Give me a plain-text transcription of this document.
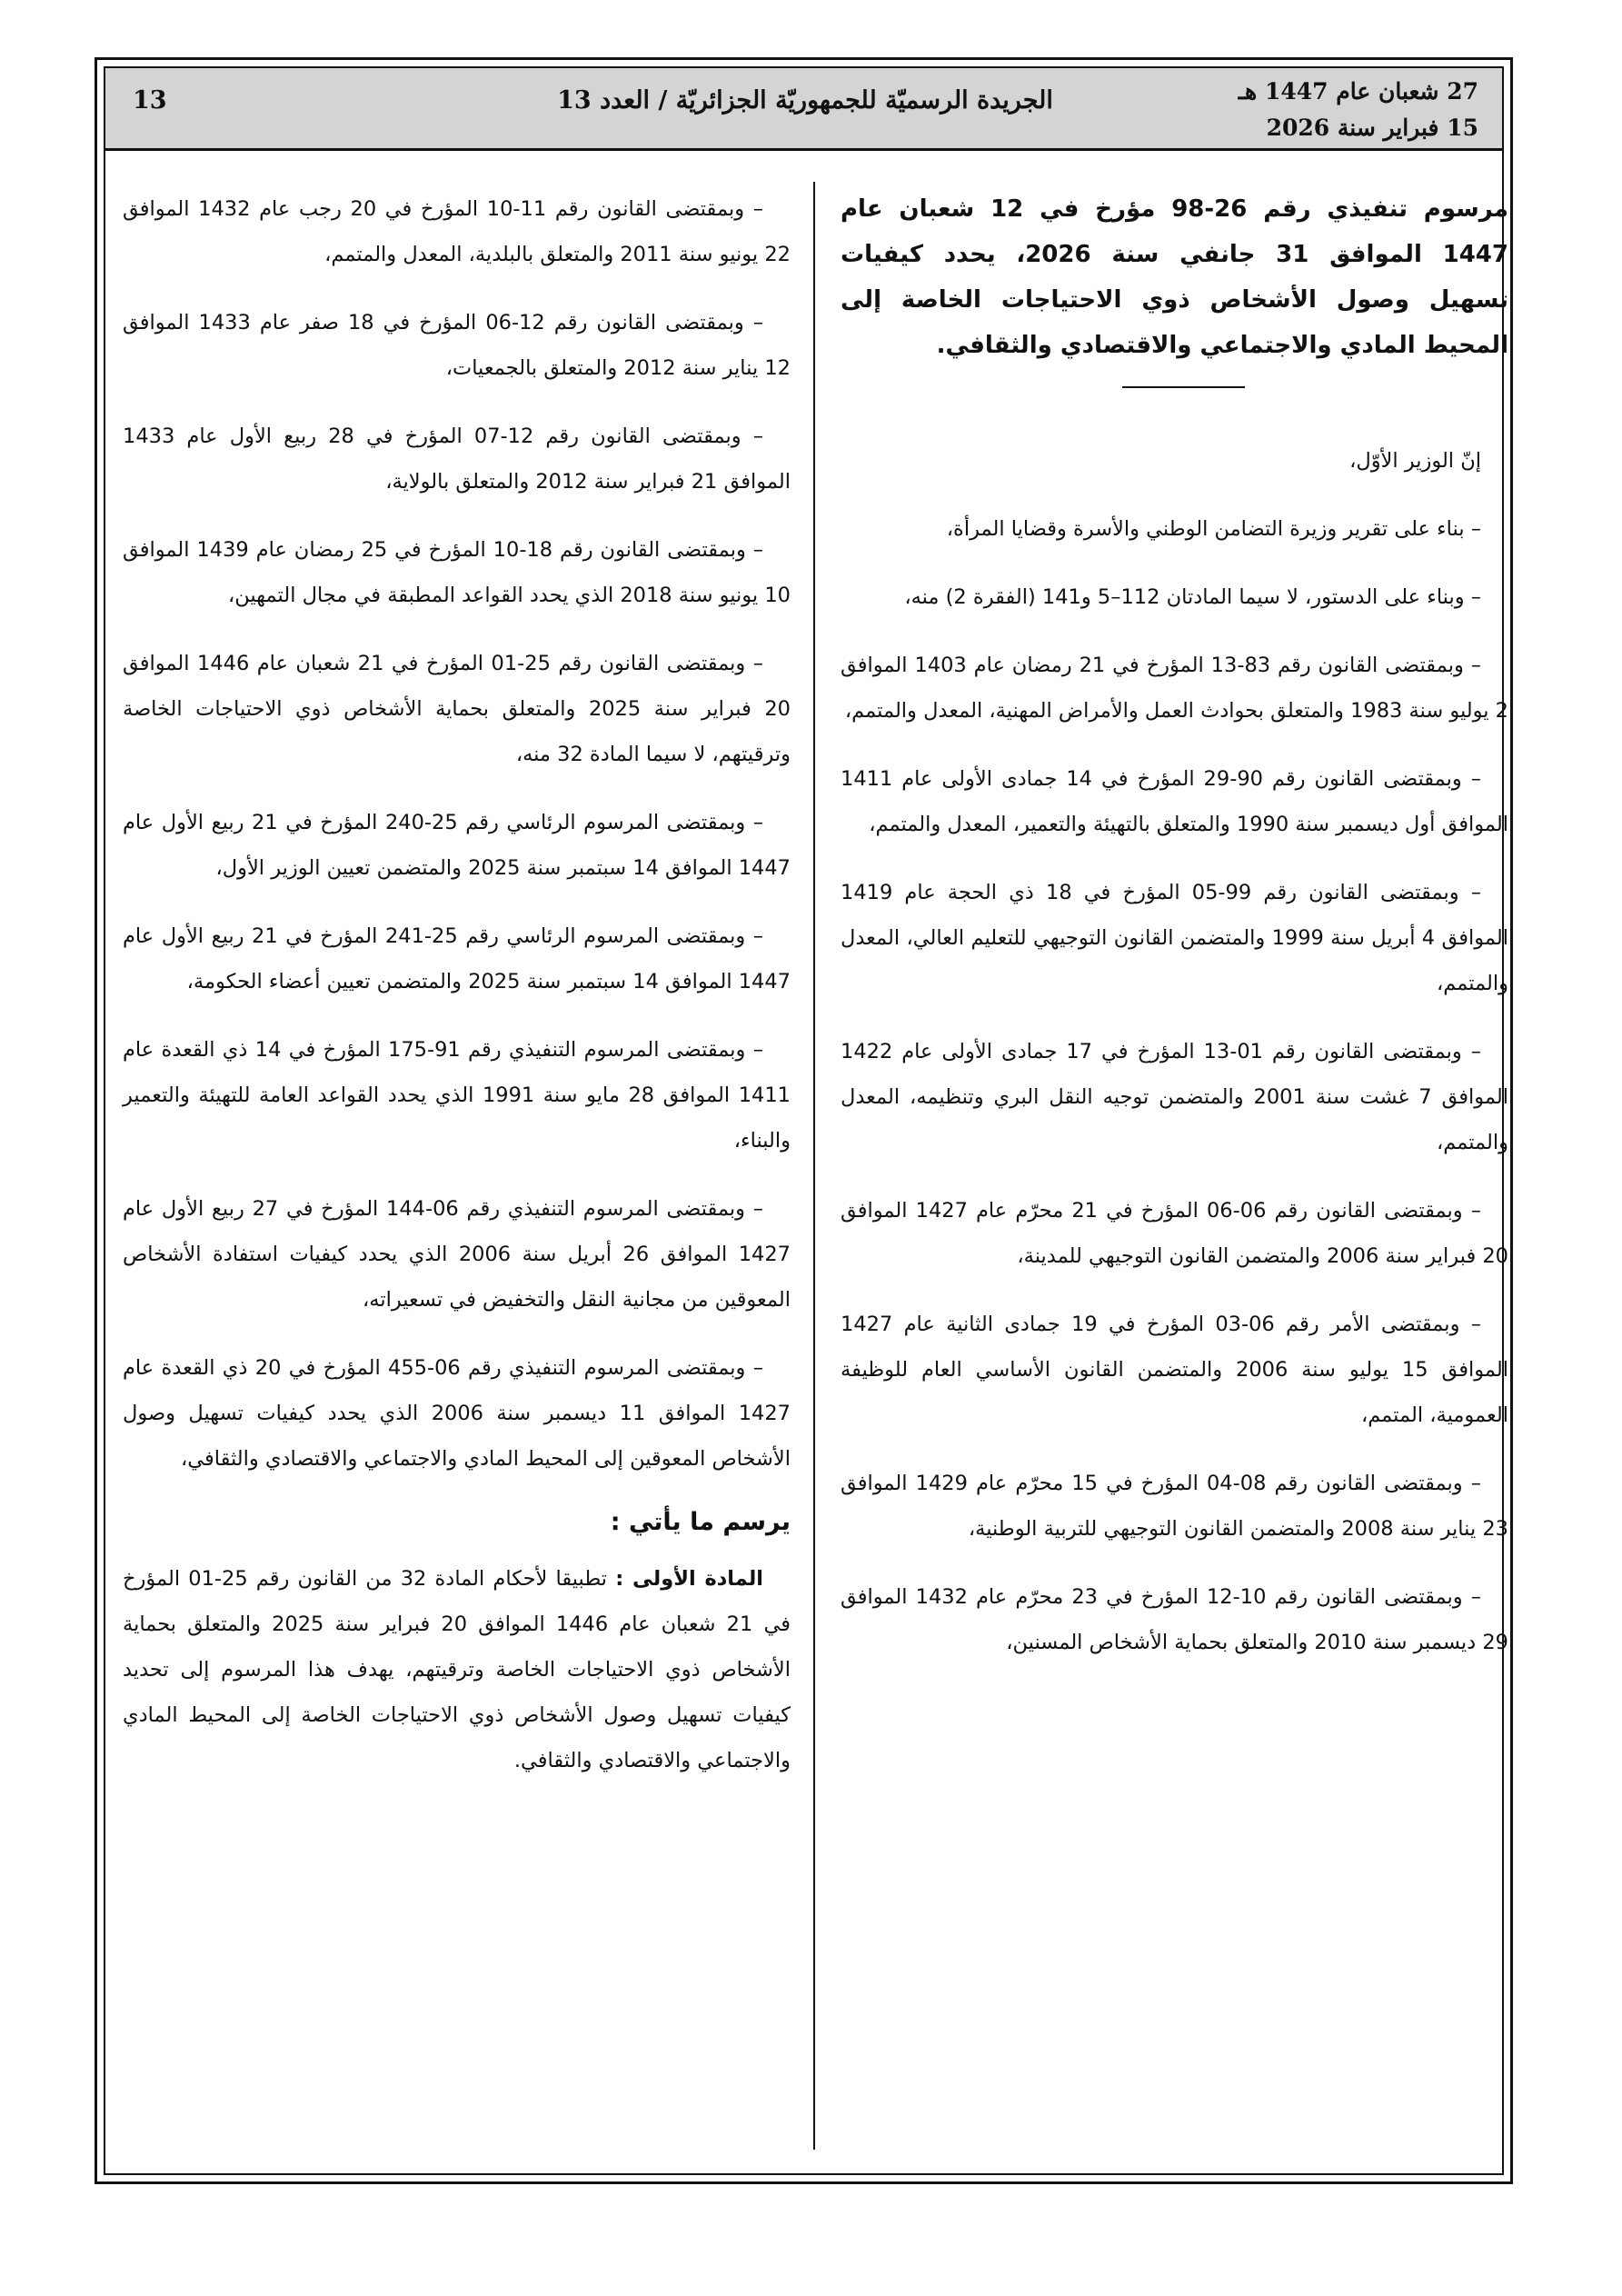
27 شعبان عام 1447 هـ
15 فبراير سنة 2026
الجريدة الرسميّة للجمهوريّة الجزائريّة / العدد 13
13

مرسوم تنفيذي رقم 26-98 مؤرخ في 12 شعبان عام 1447 الموافق 31 جانفي سنة 2026، يحدد كيفيات تسهيل وصول الأشخاص ذوي الاحتياجات الخاصة إلى المحيط المادي والاجتماعي والاقتصادي والثقافي.

إنّ الوزير الأوّل،

– بناء على تقرير وزيرة التضامن الوطني والأسرة وقضايا المرأة،

– وبناء على الدستور، لا سيما المادتان 112–5 و141 (الفقرة 2) منه،

– وبمقتضى القانون رقم 83-13 المؤرخ في 21 رمضان عام 1403 الموافق 2 يوليو سنة 1983 والمتعلق بحوادث العمل والأمراض المهنية، المعدل والمتمم،

– وبمقتضى القانون رقم 90-29 المؤرخ في 14 جمادى الأولى عام 1411 الموافق أول ديسمبر سنة 1990 والمتعلق بالتهيئة والتعمير، المعدل والمتمم،

– وبمقتضى القانون رقم 99-05 المؤرخ في 18 ذي الحجة عام 1419 الموافق 4 أبريل سنة 1999 والمتضمن القانون التوجيهي للتعليم العالي، المعدل والمتمم،

– وبمقتضى القانون رقم 01-13 المؤرخ في 17 جمادى الأولى عام 1422 الموافق 7 غشت سنة 2001 والمتضمن توجيه النقل البري وتنظيمه، المعدل والمتمم،

– وبمقتضى القانون رقم 06-06 المؤرخ في 21 محرّم عام 1427 الموافق 20 فبراير سنة 2006 والمتضمن القانون التوجيهي للمدينة،

– وبمقتضى الأمر رقم 06-03 المؤرخ في 19 جمادى الثانية عام 1427 الموافق 15 يوليو سنة 2006 والمتضمن القانون الأساسي العام للوظيفة العمومية، المتمم،

– وبمقتضى القانون رقم 08-04 المؤرخ في 15 محرّم عام 1429 الموافق 23 يناير سنة 2008 والمتضمن القانون التوجيهي للتربية الوطنية،

– وبمقتضى القانون رقم 10-12 المؤرخ في 23 محرّم عام 1432 الموافق 29 ديسمبر سنة 2010 والمتعلق بحماية الأشخاص المسنين،

– وبمقتضى القانون رقم 11-10 المؤرخ في 20 رجب عام 1432 الموافق 22 يونيو سنة 2011 والمتعلق بالبلدية، المعدل والمتمم،

– وبمقتضى القانون رقم 12-06 المؤرخ في 18 صفر عام 1433 الموافق 12 يناير سنة 2012 والمتعلق بالجمعيات،

– وبمقتضى القانون رقم 12-07 المؤرخ في 28 ربيع الأول عام 1433 الموافق 21 فبراير سنة 2012 والمتعلق بالولاية،

– وبمقتضى القانون رقم 18-10 المؤرخ في 25 رمضان عام 1439 الموافق 10 يونيو سنة 2018 الذي يحدد القواعد المطبقة في مجال التمهين،

– وبمقتضى القانون رقم 25-01 المؤرخ في 21 شعبان عام 1446 الموافق 20 فبراير سنة 2025 والمتعلق بحماية الأشخاص ذوي الاحتياجات الخاصة وترقيتهم، لا سيما المادة 32 منه،

– وبمقتضى المرسوم الرئاسي رقم 25-240 المؤرخ في 21 ربيع الأول عام 1447 الموافق 14 سبتمبر سنة 2025 والمتضمن تعيين الوزير الأول،

– وبمقتضى المرسوم الرئاسي رقم 25-241 المؤرخ في 21 ربيع الأول عام 1447 الموافق 14 سبتمبر سنة 2025 والمتضمن تعيين أعضاء الحكومة،

– وبمقتضى المرسوم التنفيذي رقم 91-175 المؤرخ في 14 ذي القعدة عام 1411 الموافق 28 مايو سنة 1991 الذي يحدد القواعد العامة للتهيئة والتعمير والبناء،

– وبمقتضى المرسوم التنفيذي رقم 06-144 المؤرخ في 27 ربيع الأول عام 1427 الموافق 26 أبريل سنة 2006 الذي يحدد كيفيات استفادة الأشخاص المعوقين من مجانية النقل والتخفيض في تسعيراته،

– وبمقتضى المرسوم التنفيذي رقم 06-455 المؤرخ في 20 ذي القعدة عام 1427 الموافق 11 ديسمبر سنة 2006 الذي يحدد كيفيات تسهيل وصول الأشخاص المعوقين إلى المحيط المادي والاجتماعي والاقتصادي والثقافي،

يرسم ما يأتي :

المادة الأولى : تطبيقا لأحكام المادة 32 من القانون رقم 25-01 المؤرخ في 21 شعبان عام 1446 الموافق 20 فبراير سنة 2025 والمتعلق بحماية الأشخاص ذوي الاحتياجات الخاصة وترقيتهم، يهدف هذا المرسوم إلى تحديد كيفيات تسهيل وصول الأشخاص ذوي الاحتياجات الخاصة إلى المحيط المادي والاجتماعي والاقتصادي والثقافي.
